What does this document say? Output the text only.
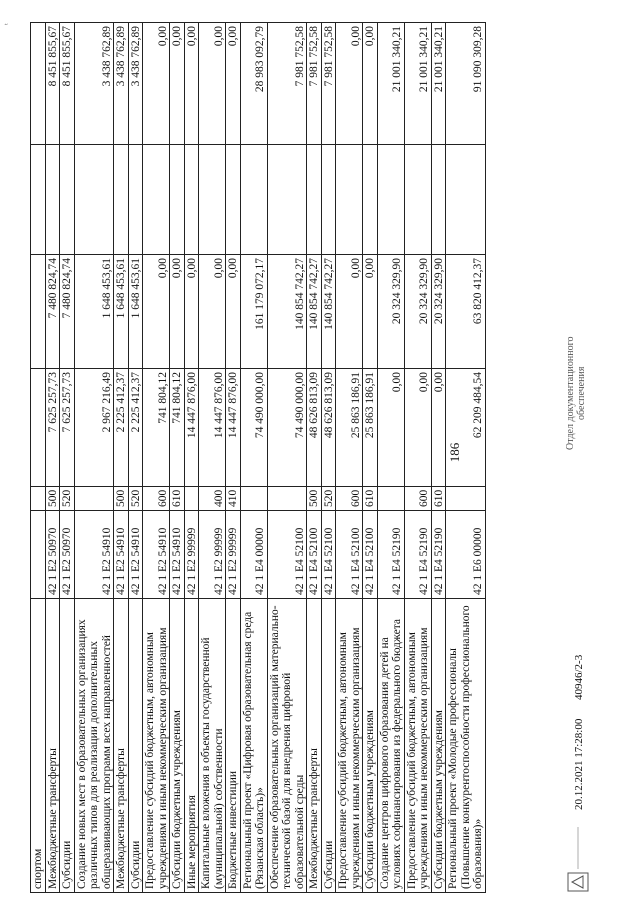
186
ᵗ
спортом						
Межбюджетные трансферты	42 1 E2 50970	500	7 625 257,73	7 480 824,74		8 451 855,67
Субсидии	42 1 E2 50970	520	7 625 257,73	7 480 824,74		8 451 855,67
Создание новых мест в образовательных организациях различных типов для реализации дополнительных общеразвивающих программ всех направленностей	42 1 E2 54910		2 967 216,49	1 648 453,61		3 438 762,89
Межбюджетные трансферты	42 1 E2 54910	500	2 225 412,37	1 648 453,61		3 438 762,89
Субсидии	42 1 E2 54910	520	2 225 412,37	1 648 453,61		3 438 762,89
Предоставление субсидий бюджетным, автономным учреждениям и иным некоммерческим организациям	42 1 E2 54910	600	741 804,12	0,00		0,00
Субсидии бюджетным учреждениям	42 1 E2 54910	610	741 804,12	0,00		0,00
Иные мероприятия	42 1 E2 99999		14 447 876,00	0,00		0,00
Капитальные вложения в объекты государственной (муниципальной) собственности	42 1 E2 99999	400	14 447 876,00	0,00		0,00
Бюджетные инвестиции	42 1 E2 99999	410	14 447 876,00	0,00		0,00
Региональный проект «Цифровая образовательная среда (Рязанская область)»	42 1 E4 00000		74 490 000,00	161 179 072,17		28 983 092,79
Обеспечение образовательных организаций материально-технической базой для внедрения цифровой образовательной среды	42 1 E4 52100		74 490 000,00	140 854 742,27		7 981 752,58
Межбюджетные трансферты	42 1 E4 52100	500	48 626 813,09	140 854 742,27		7 981 752,58
Субсидии	42 1 E4 52100	520	48 626 813,09	140 854 742,27		7 981 752,58
Предоставление субсидий бюджетным, автономным учреждениям и иным некоммерческим организациям	42 1 E4 52100	600	25 863 186,91	0,00		0,00
Субсидии бюджетным учреждениям	42 1 E4 52100	610	25 863 186,91	0,00		0,00
Создание центров цифрового образования детей на условиях софинансирования из федерального бюджета	42 1 E4 52190		0,00	20 324 329,90		21 001 340,21
Предоставление субсидий бюджетным, автономным учреждениям и иным некоммерческим организациям	42 1 E4 52190	600	0,00	20 324 329,90		21 001 340,21
Субсидии бюджетным учреждениям	42 1 E4 52190	610	0,00	20 324 329,90		21 001 340,21
Региональный проект «Молодые профессионалы (Повышение конкурентоспособности профессионального образования)»	42 1 E6 00000		62 209 484,54	63 820 412,37		91 090 309,28
20.12.2021 17:28:00
40946/2-3
Отдел документационного обеспечения
